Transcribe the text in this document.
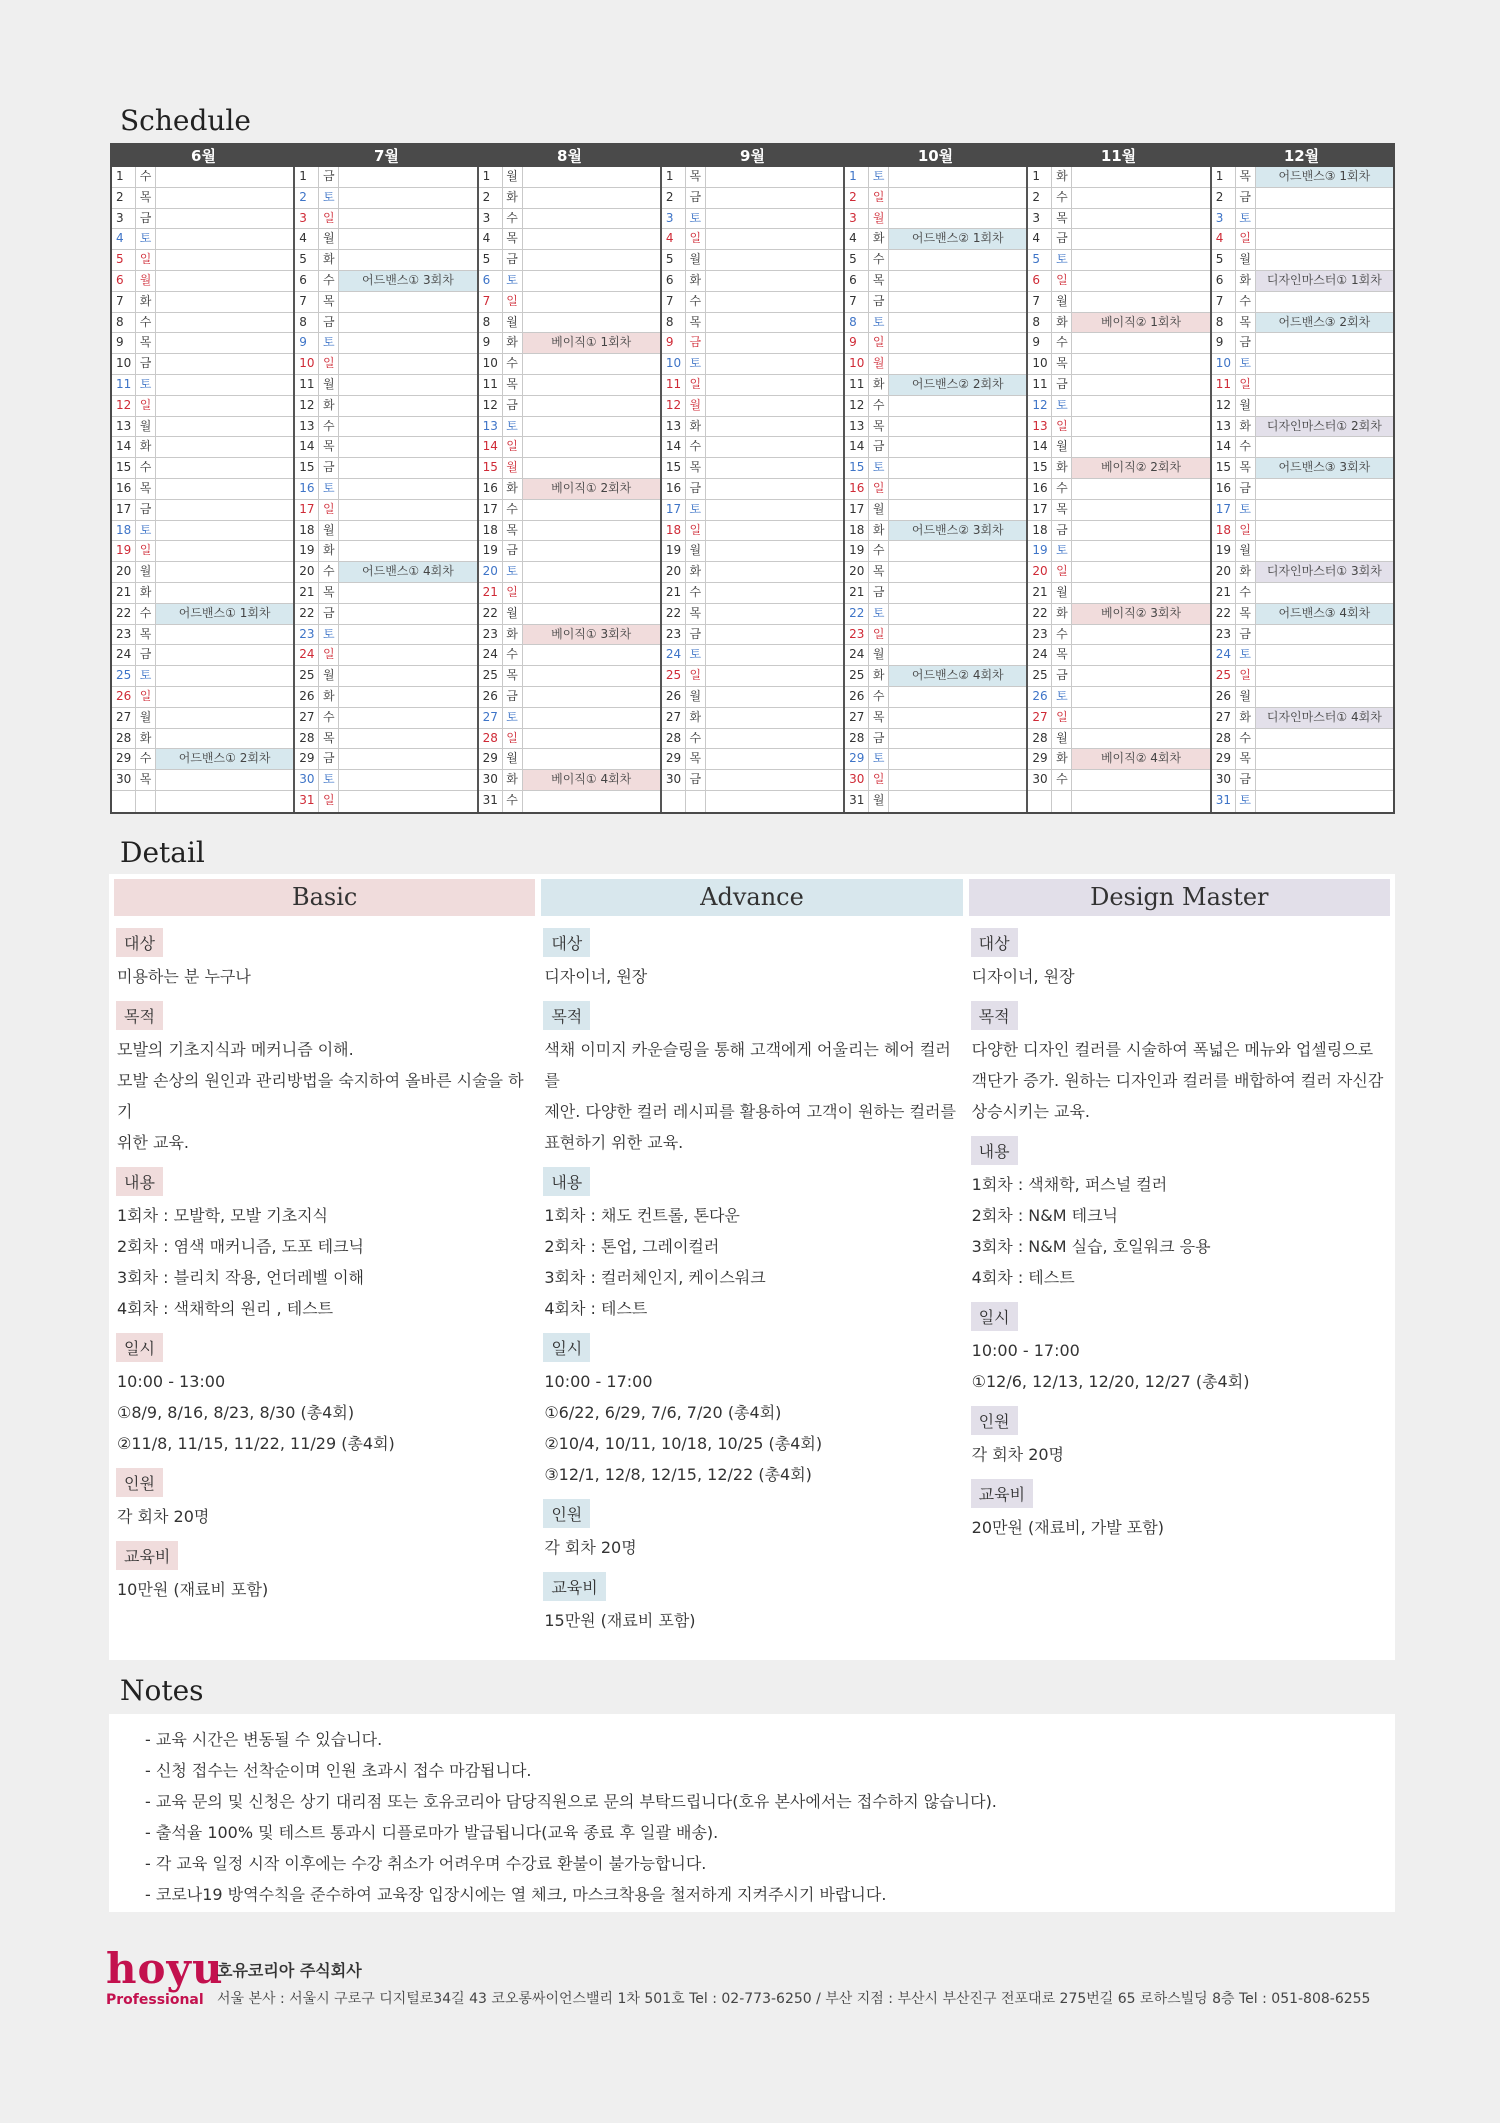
Schedule
6월	7월	8월	9월	10월	11월	12월
1	수
2	목
3	금
4	토
5	일
6	월
7	화
8	수
9	목
10 금
11 토
12 일
13 월
14 화
15 수
16 목
17 금
18 토
19 일
20 월
21 화
22 수	어드밴스① 1회차
23 목
24 금
25 토
26 일
27 월
28 화
29 수	어드밴스① 2회차
30 목
1	금
2	토
3	일
4	월
5	화
6	수	어드밴스① 3회차
7	목
8	금
9	토
10 일
11 월
12 화
13 수
14 목
15 금
16 토
17 일
18 월
19 화
20 수	어드밴스① 4회차
21 목
22 금
23 토
24 일
25 월
26 화
27 수
28 목
29 금
30 토
31 일
1	월
2	화
3	수
4	목
5	금
6	토
7	일
8	월
9	화	베이직① 1회차
10 수
11 목
12 금
13 토
14 일
15 월
16 화	베이직① 2회차
17 수
18 목
19 금
20 토
21 일
22 월
23 화	베이직① 3회차
24 수
25 목
26 금
27 토
28 일
29 월
30 화	베이직① 4회차
31 수
1	목
2	금
3	토
4	일
5	월
6	화
7	수
8	목
9	금
10 토
11 일
12 월
13 화
14 수
15 목
16 금
17 토
18 일
19 월
20 화
21 수
22 목
23 금
24 토
25 일
26 월
27 화
28 수
29 목
30 금
1	토
2	일
3	월
4	화	어드밴스② 1회차
5	수
6	목
7	금
8	토
9	일
10 월
11 화	어드밴스② 2회차
12 수
13 목
14 금
15 토
16 일
17 월
18 화	어드밴스② 3회차
19 수
20 목
21 금
22 토
23 일
24 월
25 화	어드밴스② 4회차
26 수
27 목
28 금
29 토
30 일
31 월
1	화
2	수
3	목
4	금
5	토
6	일
7	월
8	화	베이직② 1회차
9	수
10 목
11 금
12 토
13 일
14 월
15 화	베이직② 2회차
16 수
17 목
18 금
19 토
20 일
21 월
22 화	베이직② 3회차
23 수
24 목
25 금
26 토
27 일
28 월
29 화	베이직② 4회차
30 수
1	목	어드밴스③ 1회차
2	금
3	토
4	일
5	월
6	화	디자인마스터① 1회차
7	수
8	목	어드밴스③ 2회차
9	금
10 토
11 일
12 월
13 화	디자인마스터① 2회차
14 수
15 목	어드밴스③ 3회차
16 금
17 토
18 일
19 월
20 화	디자인마스터① 3회차
21 수
22 목	어드밴스③ 4회차
23 금
24 토
25 일
26 월
27 화	디자인마스터① 4회차
28 수
29 목
30 금
31 토
Detail
Basic
대상
미용하는 분 누구나
목적
모발의 기초지식과 메커니즘 이해.
모발 손상의 원인과 관리방법을 숙지하여 올바른 시술을 하기
위한 교육.
내용
1회차 : 모발학, 모발 기초지식
2회차 : 염색 매커니즘, 도포 테크닉
3회차 : 블리치 작용, 언더레벨 이해
4회차 : 색채학의 원리 , 테스트
일시
10:00 - 13:00
①8/9, 8/16, 8/23, 8/30 (총4회)
②11/8, 11/15, 11/22, 11/29 (총4회)
인원
각 회차 20명
교육비
10만원 (재료비 포함)
Advance
대상
디자이너, 원장
목적
색채 이미지 카운슬링을 통해 고객에게 어울리는 헤어 컬러를
제안. 다양한 컬러 레시피를 활용하여 고객이 원하는 컬러를
표현하기 위한 교육.
내용
1회차 : 채도 컨트롤, 톤다운
2회차 : 톤업, 그레이컬러
3회차 : 컬러체인지, 케이스워크
4회차 : 테스트
일시
10:00 - 17:00
①6/22, 6/29, 7/6, 7/20 (총4회)
②10/4, 10/11, 10/18, 10/25 (총4회)
③12/1, 12/8, 12/15, 12/22 (총4회)
인원
각 회차 20명
교육비
15만원 (재료비 포함)
Design Master
대상
디자이너, 원장
목적
다양한 디자인 컬러를 시술하여 폭넓은 메뉴와 업셀링으로
객단가 증가. 원하는 디자인과 컬러를 배합하여 컬러 자신감
상승시키는 교육.
내용
1회차 : 색채학, 퍼스널 컬러
2회차 : N&M 테크닉
3회차 : N&M 실습, 호일워크 응용
4회차 : 테스트
일시
10:00 - 17:00
①12/6, 12/13, 12/20, 12/27 (총4회)
인원
각 회차 20명
교육비
20만원 (재료비, 가발 포함)
Notes
- 교육 시간은 변동될 수 있습니다.
- 신청 접수는 선착순이며 인원 초과시 접수 마감됩니다.
- 교육 문의 및 신청은 상기 대리점 또는 호유코리아 담당직원으로 문의 부탁드립니다(호유 본사에서는 접수하지 않습니다).
- 출석율 100% 및 테스트 통과시 디플로마가 발급됩니다(교육 종료 후 일괄 배송).
- 각 교육 일정 시작 이후에는 수강 취소가 어려우며 수강료 환불이 불가능합니다.
- 코로나19 방역수칙을 준수하여 교육장 입장시에는 열 체크, 마스크착용을 철저하게 지켜주시기 바랍니다.
hoyu
Professional
호유코리아 주식회사
서울 본사 : 서울시 구로구 디지털로34길 43 코오롱싸이언스밸리 1차 501호 Tel : 02-773-6250 / 부산 지점 : 부산시 부산진구 전포대로 275번길 65 로하스빌딩 8층 Tel : 051-808-6255
